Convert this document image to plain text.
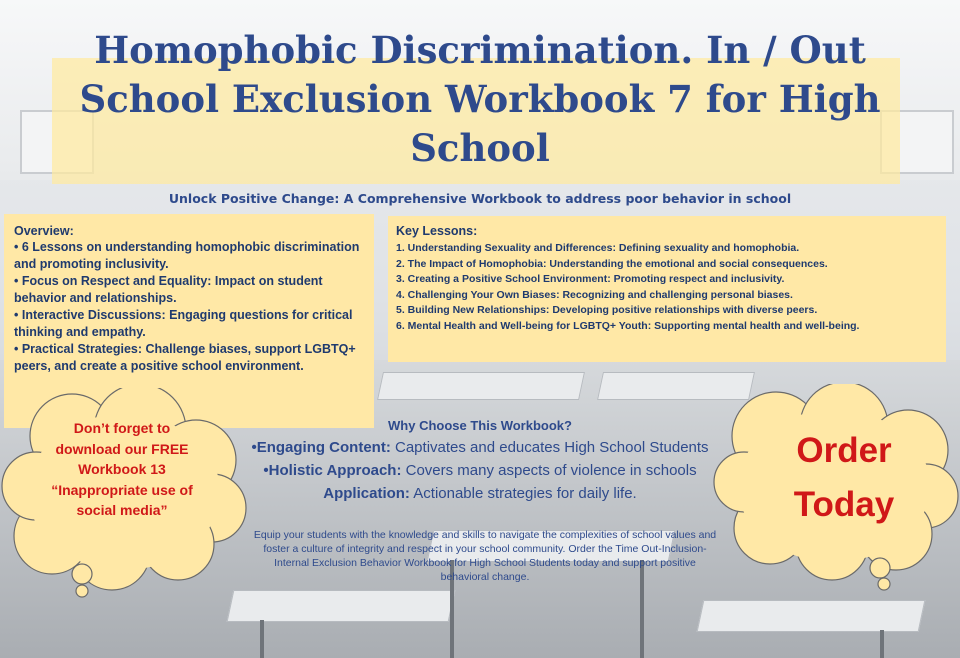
Homophobic Discrimination. In / Out School Exclusion Workbook 7 for High School
Unlock Positive Change: A Comprehensive Workbook to address poor behavior in school
Overview:
• 6 Lessons on understanding homophobic discrimination and promoting inclusivity.
• Focus on Respect and Equality: Impact on student behavior and relationships.
• Interactive Discussions: Engaging questions for critical thinking and empathy.
• Practical Strategies: Challenge biases, support LGBTQ+ peers, and create a positive school environment.
Key Lessons:
1. Understanding Sexuality and Differences: Defining sexuality and homophobia.
2. The Impact of Homophobia: Understanding the emotional and social consequences.
3. Creating a Positive School Environment: Promoting respect and inclusivity.
4. Challenging Your Own Biases: Recognizing and challenging personal biases.
5. Building New Relationships: Developing positive relationships with diverse peers.
6. Mental Health and Well-being for LGBTQ+ Youth: Supporting mental health and well-being.
Don’t forget to download our FREE Workbook 13 “Inappropriate use of social media”
Order Today
Why Choose This Workbook?
•Engaging Content: Captivates and educates High School Students
•Holistic Approach: Covers many aspects of violence in schools
Application: Actionable strategies for daily life.
Equip your students with the knowledge and skills to navigate the complexities of school values and foster a culture of integrity and respect in your school community. Order the Time Out-Inclusion- Internal Exclusion Behavior Workbook for High School Students today and support positive behavioral change.
